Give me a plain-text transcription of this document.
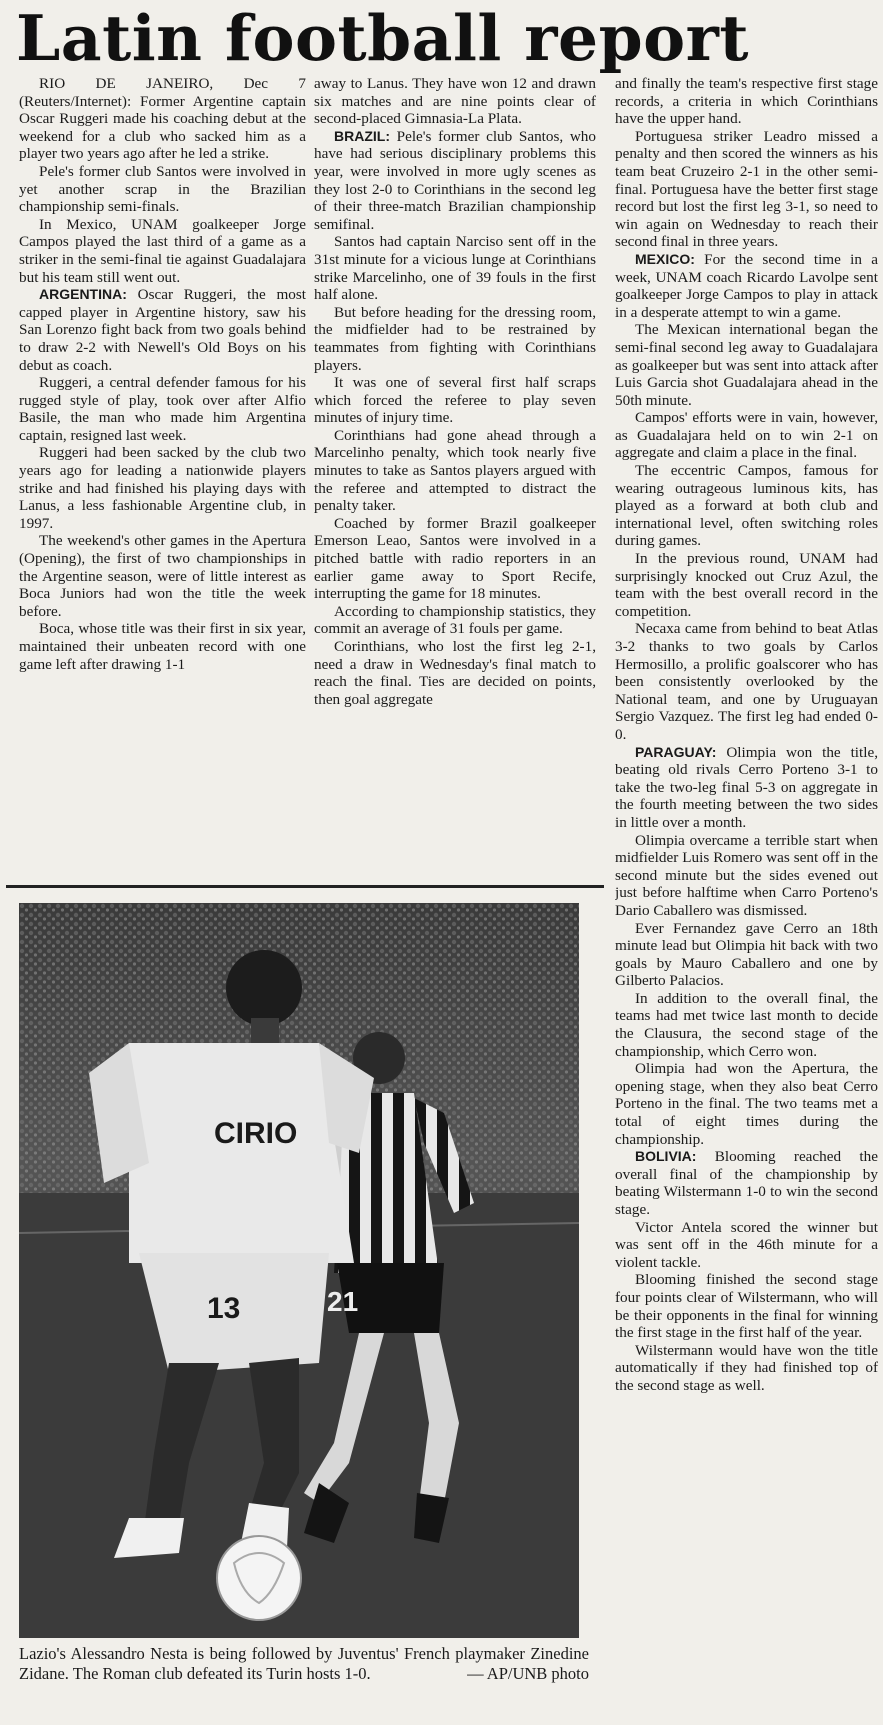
Latin football report

RIO DE JANEIRO, Dec 7 (Reuters/Internet): Former Argentine captain Oscar Ruggeri made his coaching debut at the weekend for a club who sacked him as a player two years ago after he led a strike.

Pele's former club Santos were involved in yet another scrap in the Brazilian championship semi-finals.

In Mexico, UNAM goalkeeper Jorge Campos played the last third of a game as a striker in the semi-final tie against Guadalajara but his team still went out.

ARGENTINA: Oscar Ruggeri, the most capped player in Argentine history, saw his San Lorenzo fight back from two goals behind to draw 2-2 with Newell's Old Boys on his debut as coach.

Ruggeri, a central defender famous for his rugged style of play, took over after Alfio Basile, the man who made him Argentina captain, resigned last week.

Ruggeri had been sacked by the club two years ago for leading a nationwide players strike and had finished his playing days with Lanus, a less fashionable Argentine club, in 1997.

The weekend's other games in the Apertura (Opening), the first of two championships in the Argentine season, were of little interest as Boca Juniors had won the title the week before.

Boca, whose title was their first in six year, maintained their unbeaten record with one game left after drawing 1-1

away to Lanus. They have won 12 and drawn six matches and are nine points clear of second-placed Gimnasia-La Plata.

BRAZIL: Pele's former club Santos, who have had serious disciplinary problems this year, were involved in more ugly scenes as they lost 2-0 to Corinthians in the second leg of their three-match Brazilian championship semifinal.

Santos had captain Narciso sent off in the 31st minute for a vicious lunge at Corinthians strike Marcelinho, one of 39 fouls in the first half alone.

But before heading for the dressing room, the midfielder had to be restrained by teammates from fighting with Corinthians players.

It was one of several first half scraps which forced the referee to play seven minutes of injury time.

Corinthians had gone ahead through a Marcelinho penalty, which took nearly five minutes to take as Santos players argued with the referee and attempted to distract the penalty taker.

Coached by former Brazil goalkeeper Emerson Leao, Santos were involved in a pitched battle with radio reporters in an earlier game away to Sport Recife, interrupting the game for 18 minutes.

According to championship statistics, they commit an average of 31 fouls per game.

Corinthians, who lost the first leg 2-1, need a draw in Wednesday's final match to reach the final. Ties are decided on points, then goal aggregate

and finally the team's respective first stage records, a criteria in which Corinthians have the upper hand.

Portuguesa striker Leadro missed a penalty and then scored the winners as his team beat Cruzeiro 2-1 in the other semi-final. Portuguesa have the better first stage record but lost the first leg 3-1, so need to win again on Wednesday to reach their second final in three years.

MEXICO: For the second time in a week, UNAM coach Ricardo Lavolpe sent goalkeeper Jorge Campos to play in attack in a desperate attempt to win a game.

The Mexican international began the semi-final second leg away to Guadalajara as goalkeeper but was sent into attack after Luis Garcia shot Guadalajara ahead in the 50th minute.

Campos' efforts were in vain, however, as Guadalajara held on to win 2-1 on aggregate and claim a place in the final.

The eccentric Campos, famous for wearing outrageous luminous kits, has played as a forward at both club and international level, often switching roles during games.

In the previous round, UNAM had surprisingly knocked out Cruz Azul, the team with the best overall record in the competition.

Necaxa came from behind to beat Atlas 3-2 thanks to two goals by Carlos Hermosillo, a prolific goalscorer who has been consistently overlooked by the National team, and one by Uruguayan Sergio Vazquez. The first leg had ended 0-0.

PARAGUAY: Olimpia won the title, beating old rivals Cerro Porteno 3-1 to take the two-leg final 5-3 on aggregate in the fourth meeting between the two sides in little over a month.

Olimpia overcame a terrible start when midfielder Luis Romero was sent off in the second minute but the sides evened out just before halftime when Carro Porteno's Dario Caballero was dismissed.

Ever Fernandez gave Cerro an 18th minute lead but Olimpia hit back with two goals by Mauro Caballero and one by Gilberto Palacios.

In addition to the overall final, the teams had met twice last month to decide the Clausura, the second stage of the championship, which Cerro won.

Olimpia had won the Apertura, the opening stage, when they also beat Cerro Porteno in the final. The two teams met a total of eight times during the championship.

BOLIVIA: Blooming reached the overall final of the championship by beating Wilstermann 1-0 to win the second stage.

Victor Antela scored the winner but was sent off in the 46th minute for a violent tackle.

Blooming finished the second stage four points clear of Wilstermann, who will be their opponents in the final for winning the first stage in the first half of the year.

Wilstermann would have won the title automatically if they had finished top of the second stage as well.

CIRIO
13	21
Lazio's Alessandro Nesta is being followed by Juventus' French playmaker Zinedine Zidane. The Roman club defeated its Turin hosts 1-0.	— AP/UNB photo
